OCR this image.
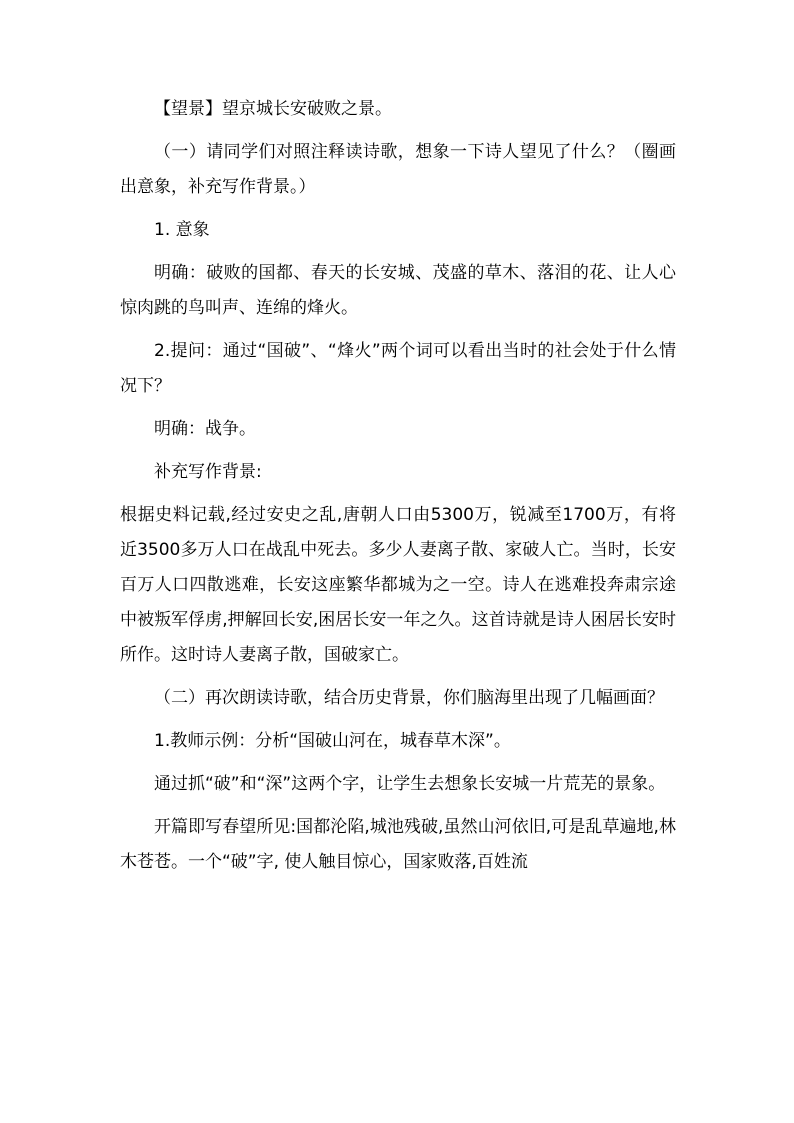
【望景】望京城长安破败之景。

（一）请同学们对照注释读诗歌，想象一下诗人望见了什么？（圈画出意象，补充写作背景。）

1. 意象

明确：破败的国都、春天的长安城、茂盛的草木、落泪的花、让人心惊肉跳的鸟叫声、连绵的烽火。

2.提问：通过“国破”、“烽火”两个词可以看出当时的社会处于什么情况下？

明确：战争。

补充写作背景:

根据史料记载,经过安史之乱,唐朝人口由5300万，锐减至1700万，有将近3500多万人口在战乱中死去。多少人妻离子散、家破人亡。当时，长安百万人口四散逃难，长安这座繁华都城为之一空。诗人在逃难投奔肃宗途中被叛军俘虏,押解回长安,困居长安一年之久。这首诗就是诗人困居长安时所作。这时诗人妻离子散，国破家亡。

（二）再次朗读诗歌，结合历史背景，你们脑海里出现了几幅画面？

1.教师示例：分析“国破山河在，城春草木深”。

通过抓“破”和“深”这两个字，让学生去想象长安城一片荒芜的景象。

开篇即写春望所见:国都沦陷,城池残破,虽然山河依旧,可是乱草遍地,林木苍苍。一个“破”字, 使人触目惊心，国家败落,百姓流
